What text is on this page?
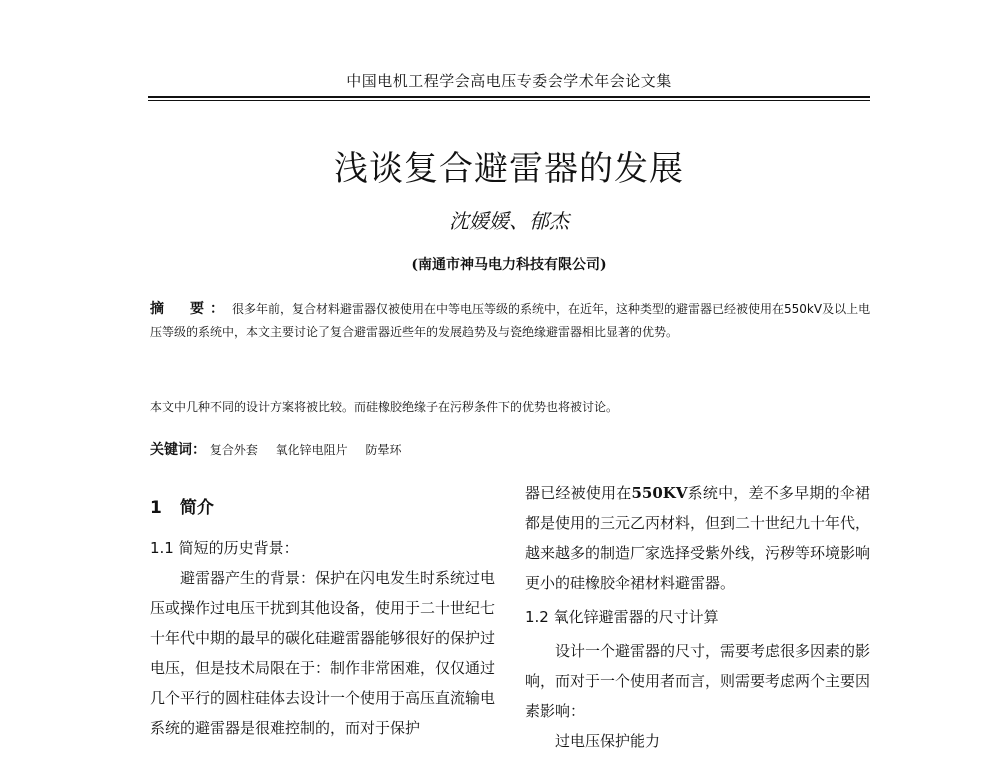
中国电机工程学会高电压专委会学术年会论文集
浅谈复合避雷器的发展
沈媛媛、郁杰
(南通市神马电力科技有限公司)
摘　要： 很多年前，复合材料避雷器仅被使用在中等电压等级的系统中，在近年，这种类型的避雷器已经被使用在550kV及以上电压等级的系统中，本文主要讨论了复合避雷器近些年的发展趋势及与瓷绝缘避雷器相比显著的优势。
本文中几种不同的设计方案将被比较。而硅橡胶绝缘子在污秽条件下的优势也将被讨论。
关键词： 复合外套 氧化锌电阻片 防晕环
1 简介
1.1 简短的历史背景：
避雷器产生的背景：保护在闪电发生时系统过电压或操作过电压干扰到其他设备，使用于二十世纪七十年代中期的最早的碳化硅避雷器能够很好的保护过电压，但是技术局限在于：制作非常困难，仅仅通过几个平行的圆柱硅体去设计一个使用于高压直流输电系统的避雷器是很难控制的，而对于保护
器已经被使用在550KV系统中，差不多早期的伞裙都是使用的三元乙丙材料，但到二十世纪九十年代，越来越多的制造厂家选择受紫外线，污秽等环境影响更小的硅橡胶伞裙材料避雷器。
1.2 氧化锌避雷器的尺寸计算
设计一个避雷器的尺寸，需要考虑很多因素的影响，而对于一个使用者而言，则需要考虑两个主要因素影响：
过电压保护能力
